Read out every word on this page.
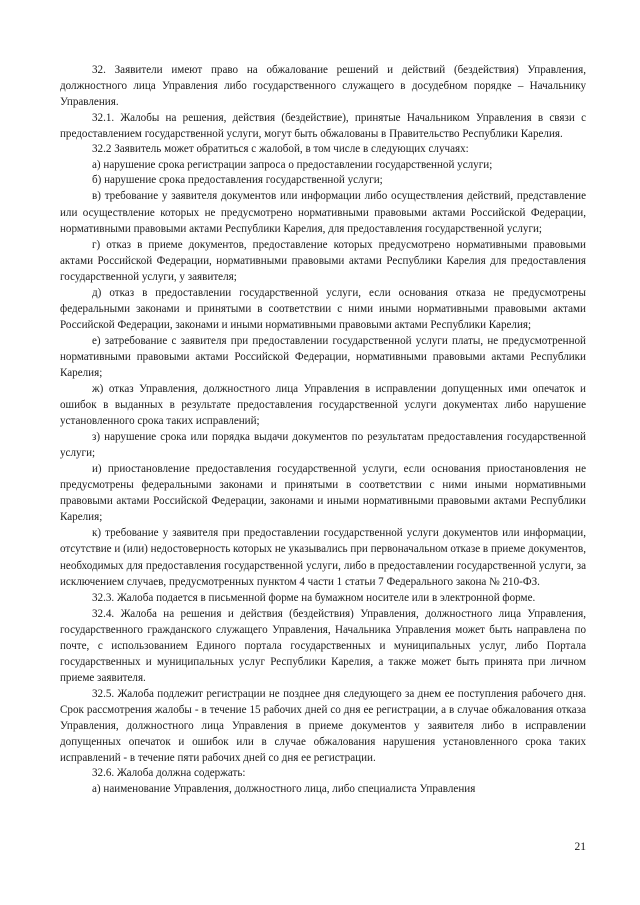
32. Заявители имеют право на обжалование решений и действий (бездействия) Управления, должностного лица Управления либо государственного служащего в досудебном порядке – Начальнику Управления.

32.1. Жалобы на решения, действия (бездействие), принятые Начальником Управления в связи с предоставлением государственной услуги, могут быть обжалованы в Правительство Республики Карелия.

32.2 Заявитель может обратиться с жалобой, в том числе в следующих случаях:

а) нарушение срока регистрации запроса о предоставлении государственной услуги;

б) нарушение срока предоставления государственной услуги;

в) требование у заявителя документов или информации либо осуществления действий, представление или осуществление которых не предусмотрено нормативными правовыми актами Российской Федерации, нормативными правовыми актами Республики Карелия, для предоставления государственной услуги;

г) отказ в приеме документов, предоставление которых предусмотрено нормативными правовыми актами Российской Федерации, нормативными правовыми актами Республики Карелия для предоставления государственной услуги, у заявителя;

д) отказ в предоставлении государственной услуги, если основания отказа не предусмотрены федеральными законами и принятыми в соответствии с ними иными нормативными правовыми актами Российской Федерации, законами и иными нормативными правовыми актами Республики Карелия;

е) затребование с заявителя при предоставлении государственной услуги платы, не предусмотренной нормативными правовыми актами Российской Федерации, нормативными правовыми актами Республики Карелия;

ж) отказ Управления, должностного лица Управления в исправлении допущенных ими опечаток и ошибок в выданных в результате предоставления государственной услуги документах либо нарушение установленного срока таких исправлений;

з) нарушение срока или порядка выдачи документов по результатам предоставления государственной услуги;

и) приостановление предоставления государственной услуги, если основания приостановления не предусмотрены федеральными законами и принятыми в соответствии с ними иными нормативными правовыми актами Российской Федерации, законами и иными нормативными правовыми актами Республики Карелия;

к) требование у заявителя при предоставлении государственной услуги документов или информации, отсутствие и (или) недостоверность которых не указывались при первоначальном отказе в приеме документов, необходимых для предоставления государственной услуги, либо в предоставлении государственной услуги, за исключением случаев, предусмотренных пунктом 4 части 1 статьи 7 Федерального закона № 210-ФЗ.

32.3. Жалоба подается в письменной форме на бумажном носителе или в электронной форме.

32.4. Жалоба на решения и действия (бездействия) Управления, должностного лица Управления, государственного гражданского служащего Управления, Начальника Управления может быть направлена по почте, с использованием Единого портала государственных и муниципальных услуг, либо Портала государственных и муниципальных услуг Республики Карелия, а также может быть принята при личном приеме заявителя.

32.5. Жалоба подлежит регистрации не позднее дня следующего за днем ее поступления рабочего дня. Срок рассмотрения жалобы - в течение 15 рабочих дней со дня ее регистрации, а в случае обжалования отказа Управления, должностного лица Управления в приеме документов у заявителя либо в исправлении допущенных опечаток и ошибок или в случае обжалования нарушения установленного срока таких исправлений - в течение пяти рабочих дней со дня ее регистрации.

32.6. Жалоба должна содержать:

а) наименование Управления, должностного лица, либо специалиста Управления

21
